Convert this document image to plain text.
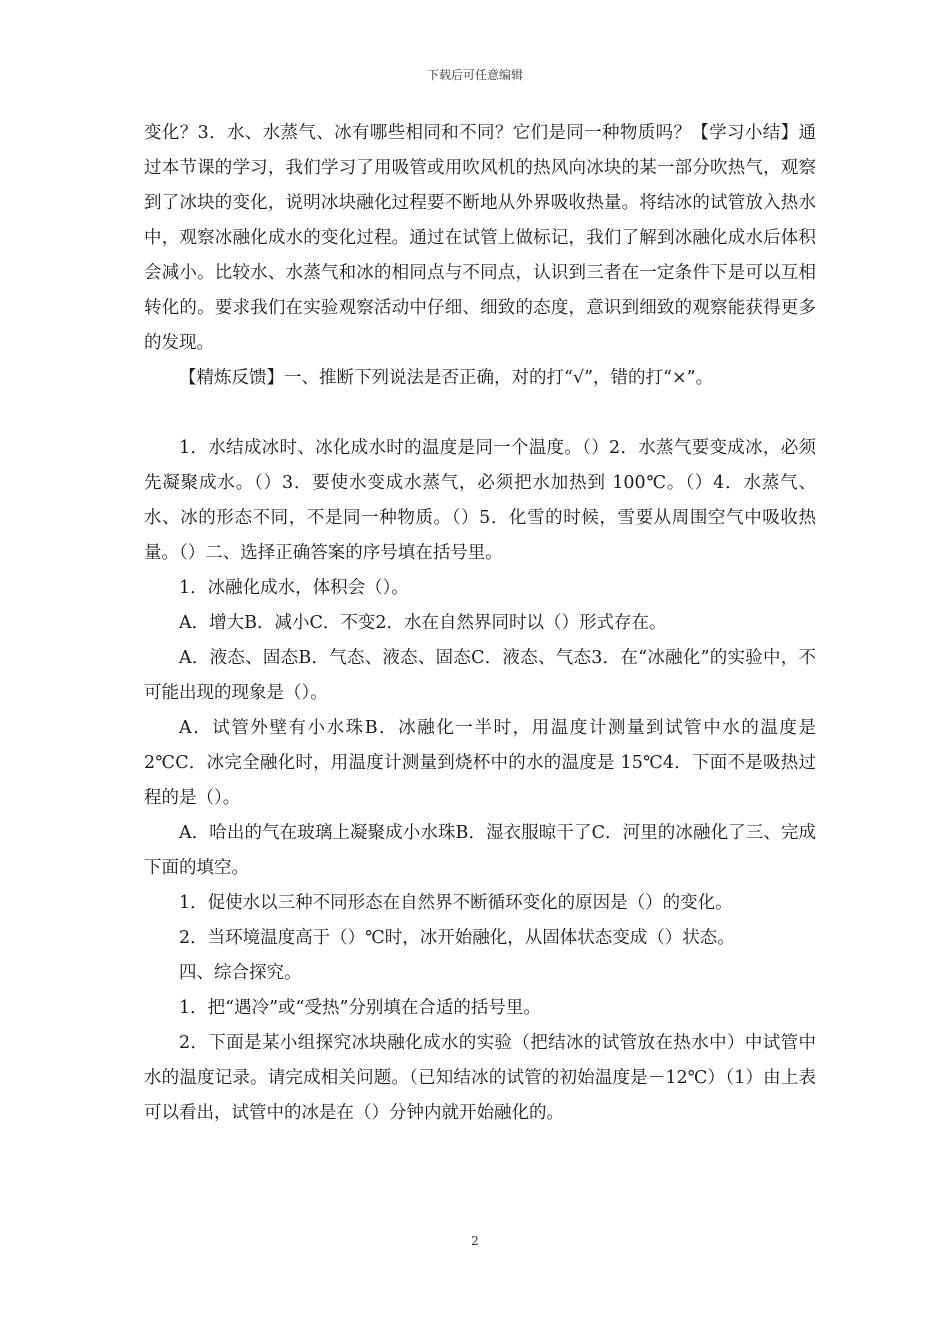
下载后可任意编辑

变化？3．水、水蒸气、冰有哪些相同和不同？它们是同一种物质吗？【学习小结】通过本节课的学习，我们学习了用吸管或用吹风机的热风向冰块的某一部分吹热气，观察到了冰块的变化，说明冰块融化过程要不断地从外界吸收热量。将结冰的试管放入热水中，观察冰融化成水的变化过程。通过在试管上做标记，我们了解到冰融化成水后体积会减小。比较水、水蒸气和冰的相同点与不同点，认识到三者在一定条件下是可以互相转化的。要求我们在实验观察活动中仔细、细致的态度，意识到细致的观察能获得更多的发现。

【精炼反馈】一、推断下列说法是否正确，对的打“√”，错的打“×”。

1．水结成冰时、冰化成水时的温度是同一个温度。（）2．水蒸气要变成冰，必须先凝聚成水。（）3．要使水变成水蒸气，必须把水加热到 100℃。（）4．水蒸气、水、冰的形态不同，不是同一种物质。（）5．化雪的时候，雪要从周围空气中吸收热量。（）二、选择正确答案的序号填在括号里。

1．冰融化成水，体积会（）。

A．增大B．减小C．不变2．水在自然界同时以（）形式存在。

A．液态、固态B．气态、液态、固态C．液态、气态3．在“冰融化”的实验中，不可能出现的现象是（）。

A．试管外壁有小水珠B．冰融化一半时，用温度计测量到试管中水的温度是 2℃C．冰完全融化时，用温度计测量到烧杯中的水的温度是 15℃4．下面不是吸热过程的是（）。

A．哈出的气在玻璃上凝聚成小水珠B．湿衣服晾干了C．河里的冰融化了三、完成下面的填空。

1．促使水以三种不同形态在自然界不断循环变化的原因是（）的变化。

2．当环境温度高于（）℃时，冰开始融化，从固体状态变成（）状态。

四、综合探究。

1．把“遇冷”或“受热”分别填在合适的括号里。

2．下面是某小组探究冰块融化成水的实验（把结冰的试管放在热水中）中试管中水的温度记录。请完成相关问题。（已知结冰的试管的初始温度是－12℃）（1）由上表可以看出，试管中的冰是在（）分钟内就开始融化的。

2
